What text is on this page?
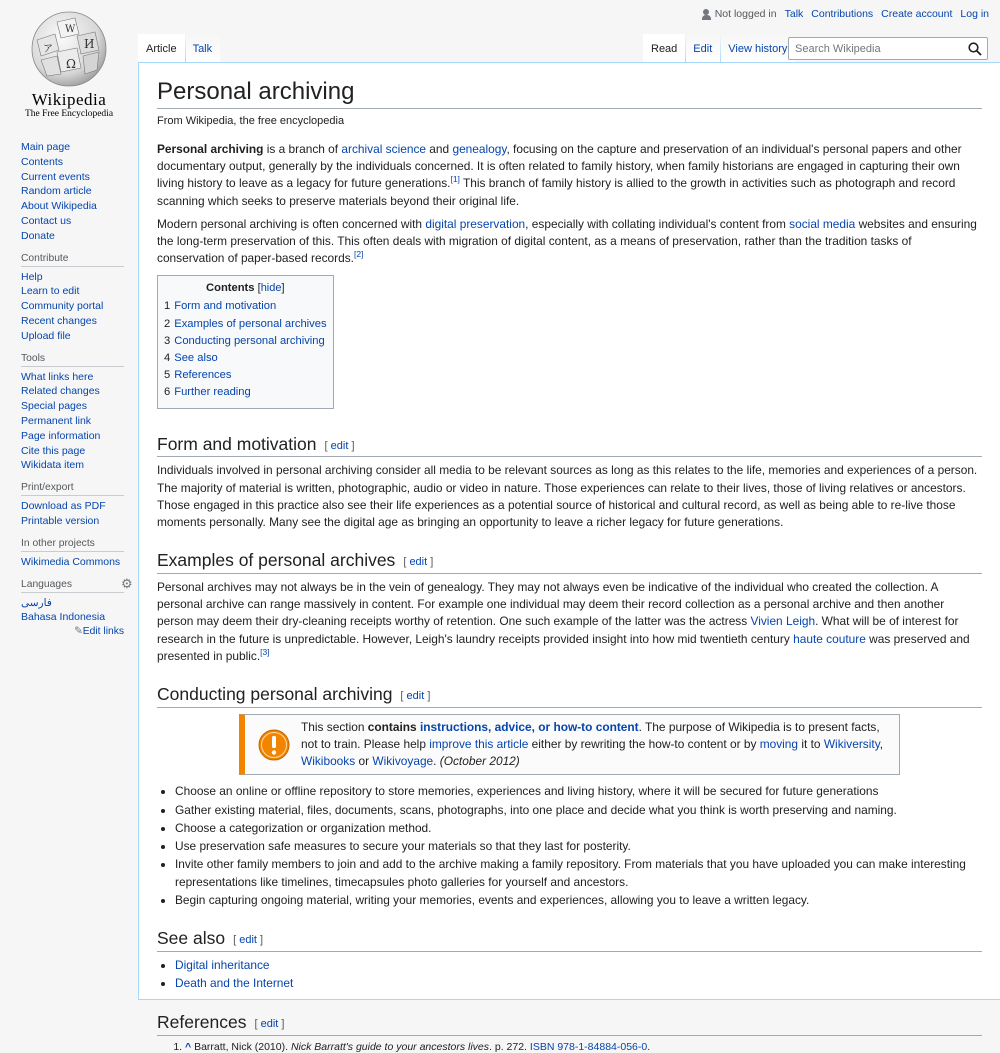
Ω
И
W
ア
Wikipedia
The Free Encyclopedia
Main page
Contents
Current events
Random article
About Wikipedia
Contact us
Donate
Contribute
Help
Learn to edit
Community portal
Recent changes
Upload file
Tools
What links here
Related changes
Special pages
Permanent link
Page information
Cite this page
Wikidata item
Print/export
Download as PDF
Printable version
In other projects
Wikimedia Commons
Languages	⚙
فارسی
Bahasa Indonesia
✎Edit links
Not logged in Talk Contributions Create account Log in
Article	Talk	Read	Edit	View history
Search Wikipedia
Personal archiving
From Wikipedia, the free encyclopedia

Personal archiving is a branch of archival science and genealogy, focusing on the capture and preservation of an individual's personal papers and other documentary output, generally by the individuals concerned. It is often related to family history, when family historians are engaged in capturing their own living history to leave as a legacy for future generations.[1] This branch of family history is allied to the growth in activities such as photograph and record scanning which seeks to preserve materials beyond their original life.

Modern personal archiving is often concerned with digital preservation, especially with collating individual's content from social media websites and ensuring the long-term preservation of this. This often deals with migration of digital content, as a means of preservation, rather than the tradition tasks of conservation of paper-based records.[2]

Contents [hide]
1 Form and motivation
2 Examples of personal archives
3 Conducting personal archiving
4 See also
5 References
6 Further reading
Form and motivation [ edit ]

Individuals involved in personal archiving consider all media to be relevant sources as long as this relates to the life, memories and experiences of a person. The majority of material is written, photographic, audio or video in nature. Those experiences can relate to their lives, those of living relatives or ancestors. Those engaged in this practice also see their life experiences as a potential source of historical and cultural record, as well as being able to re-live those moments personally. Many see the digital age as bringing an opportunity to leave a richer legacy for future generations.

Examples of personal archives [ edit ]

Personal archives may not always be in the vein of genealogy. They may not always even be indicative of the individual who created the collection. A personal archive can range massively in content. For example one individual may deem their record collection as a personal archive and then another person may deem their dry-cleaning receipts worthy of retention. One such example of the latter was the actress Vivien Leigh. What will be of interest for research in the future is unpredictable. However, Leigh's laundry receipts provided insight into how mid twentieth century haute couture was preserved and presented in public.[3]

Conducting personal archiving [ edit ]
This section contains instructions, advice, or how-to content. The purpose of Wikipedia is to present facts, not to train. Please help improve this article either by rewriting the how-to content or by moving it to Wikiversity, Wikibooks or Wikivoyage. (October 2012)
• Choose an online or offline repository to store memories, experiences and living history, where it will be secured for future generations
• Gather existing material, files, documents, scans, photographs, into one place and decide what you think is worth preserving and naming.
• Choose a categorization or organization method.
• Use preservation safe measures to secure your materials so that they last for posterity.
• Invite other family members to join and add to the archive making a family repository. From materials that you have uploaded you can make interesting representations like timelines, timecapsules photo galleries for yourself and ancestors.
• Begin capturing ongoing material, writing your memories, events and experiences, allowing you to leave a written legacy.
See also [ edit ]
• Digital inheritance
• Death and the Internet
References [ edit ]
1. ^ Barratt, Nick (2010). Nick Barratt's guide to your ancestors lives. p. 272. ISBN 978-1-84884-056-0.
